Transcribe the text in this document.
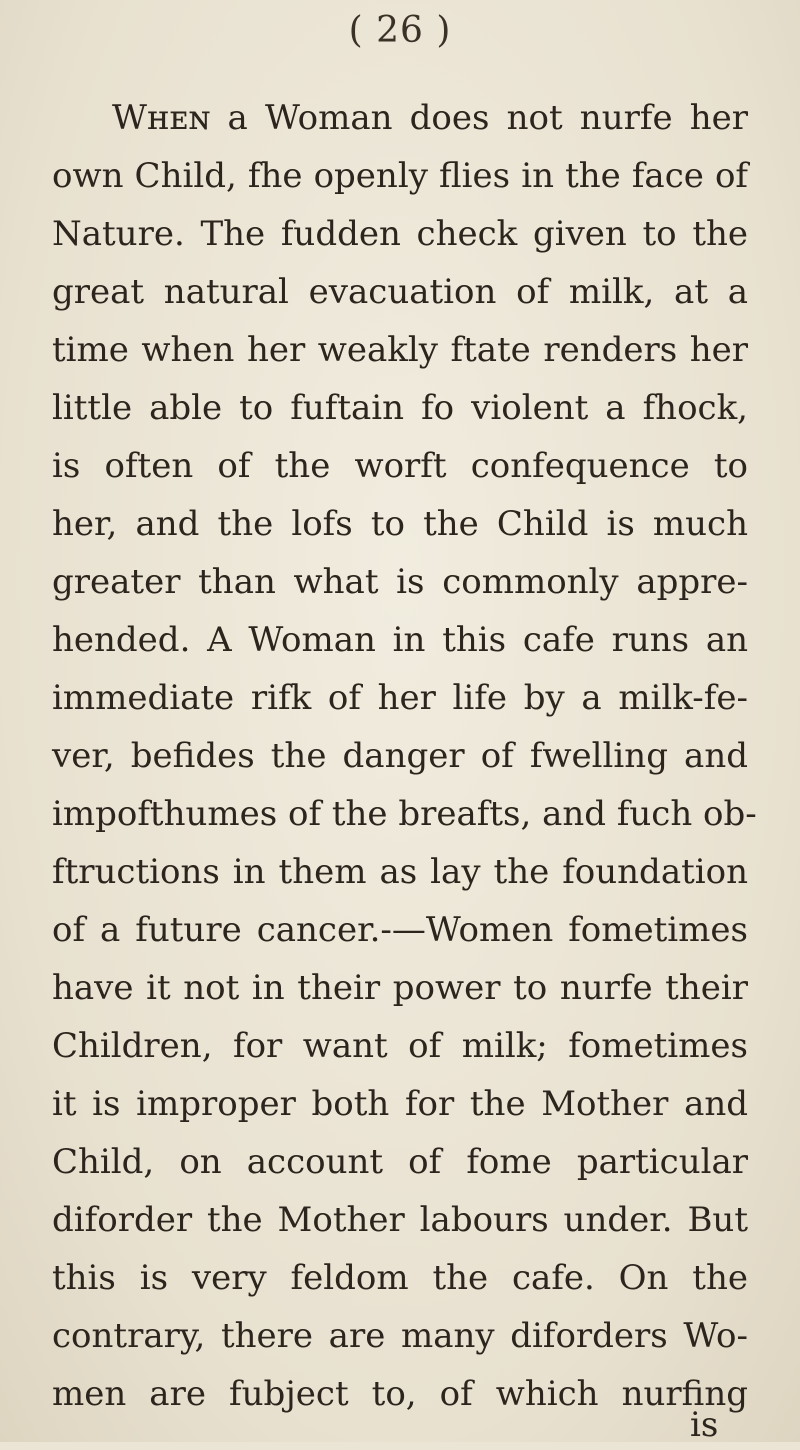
( 26 )
Wʜᴇɴ a Woman does not nurfe her
own Child, fhe openly flies in the face of
Nature. The fudden check given to the
great natural evacuation of milk, at a
time when her weakly ftate renders her
little able to fuftain fo violent a fhock,
is often of the worft confequence to
her, and the lofs to the Child is much
greater than what is commonly appre-
hended. A Woman in this cafe runs an
immediate rifk of her life by a milk-fe-
ver, befides the danger of fwelling and
impofthumes of the breafts, and fuch ob-
ftructions in them as lay the foundation
of a future cancer.-—Women fometimes
have it not in their power to nurfe their
Children, for want of milk; fometimes
it is improper both for the Mother and
Child, on account of fome particular
diforder the Mother labours under. But
this is very feldom the cafe. On the
contrary, there are many diforders Wo-
men are fubject to, of which nurfing
is
